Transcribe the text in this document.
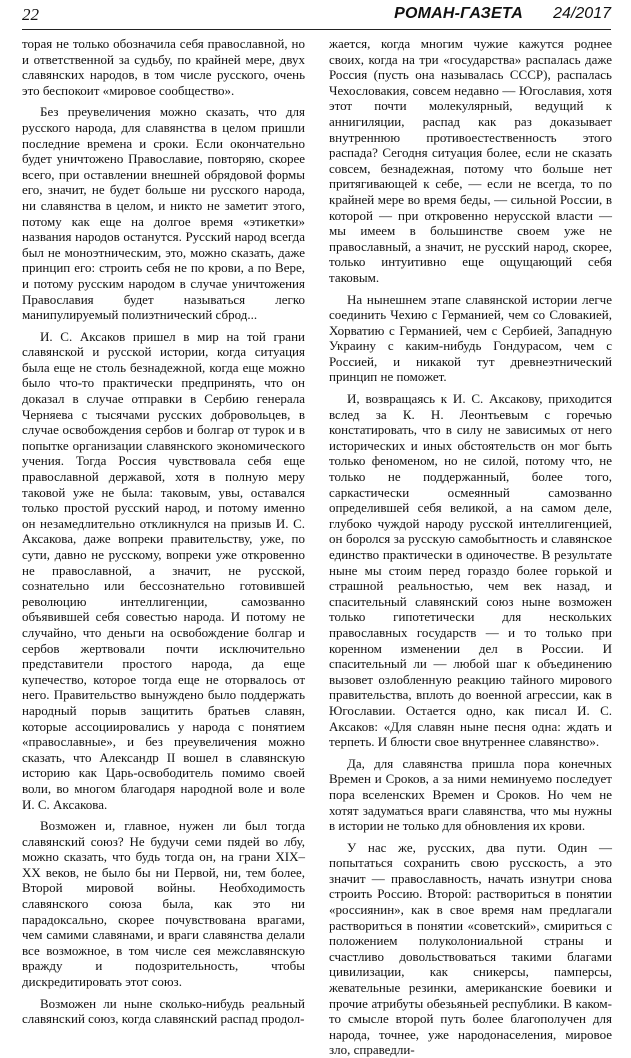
22	РОМАН-ГАЗЕТА 24/2017

торая не только обозначила себя православной, но и ответственной за судьбу, по крайней мере, двух славянских народов, в том числе русского, очень это беспокоит «мировое сообщество».

Без преувеличения можно сказать, что для русского народа, для славянства в целом пришли последние времена и сроки. Если окончательно будет уничтожено Православие, повторяю, скорее всего, при оставлении внешней обрядовой формы его, значит, не будет больше ни русского народа, ни славянства в целом, и никто не заметит этого, потому как еще на долгое время «этикетки» названия народов останутся. Русский народ всегда был не моноэтническим, это, можно сказать, даже принцип его: строить себя не по крови, а по Вере, и потому русским народом в случае уничтожения Православия будет называться легко манипулируемый полиэтнический сброд...

И. С. Аксаков пришел в мир на той грани славянской и русской истории, когда ситуация была еще не столь безнадежной, когда еще можно было что-то практически предпринять, что он доказал в случае отправки в Сербию генерала Черняева с тысячами русских добровольцев, в случае освобождения сербов и болгар от турок и в попытке организации славянского экономического учения. Тогда Россия чувствовала себя еще православной державой, хотя в полную меру таковой уже не была: таковым, увы, оставался только простой русский народ, и потому именно он незамедлительно откликнулся на призыв И. С. Аксакова, даже вопреки правительству, уже, по сути, давно не русскому, вопреки уже откровенно не православной, а значит, не русской, сознательно или бессознательно готовившей революцию интеллигенции, самозванно объявившей себя совестью народа. И потому не случайно, что деньги на освобождение болгар и сербов жертвовали почти исключительно представители простого народа, да еще купечество, которое тогда еще не оторвалось от него. Правительство вынуждено было поддержать народный порыв защитить братьев славян, которые ассоциировались у народа с понятием «православные», и без преувеличения можно сказать, что Александр II вошел в славянскую историю как Царь-освободитель помимо своей воли, во многом благодаря народной воле и воле И. С. Аксакова.

Возможен и, главное, нужен ли был тогда славянский союз? Не будучи семи пядей во лбу, можно сказать, что будь тогда он, на грани XIX–XX веков, не было бы ни Первой, ни, тем более, Второй мировой войны. Необходимость славянского союза была, как это ни парадоксально, скорее почувствована врагами, чем самими славянами, и враги славянства делали все возможное, в том числе сея межславянскую вражду и подозрительность, чтобы дискредитировать этот союз.

Возможен ли ныне сколько-нибудь реальный славянский союз, когда славянский распад продол-

жается, когда многим чужие кажутся роднее своих, когда на три «государства» распалась даже Россия (пусть она называлась СССР), распалась Чехословакия, совсем недавно — Югославия, хотя этот почти молекулярный, ведущий к аннигиляции, распад как раз доказывает внутреннюю противоестественность этого распада? Сегодня ситуация более, если не сказать совсем, безнадежная, потому что больше нет притягивающей к себе, — если не всегда, то по крайней мере во время беды, — сильной России, в которой — при откровенно нерусской власти — мы имеем в большинстве своем уже не православный, а значит, не русский народ, скорее, только интуитивно еще ощущающий себя таковым.

На нынешнем этапе славянской истории легче соединить Чехию с Германией, чем со Словакией, Хорватию с Германией, чем с Сербией, Западную Украину с каким-нибудь Гондурасом, чем с Россией, и никакой тут древнеэтнический принцип не поможет.

И, возвращаясь к И. С. Аксакову, приходится вслед за К. Н. Леонтьевым с горечью констатировать, что в силу не зависимых от него исторических и иных обстоятельств он мог быть только феноменом, но не силой, потому что, не только не поддержанный, более того, саркастически осмеянный самозванно определившей себя великой, а на самом деле, глубоко чуждой народу русской интеллигенцией, он боролся за русскую самобытность и славянское единство практически в одиночестве. В результате ныне мы стоим перед гораздо более горькой и страшной реальностью, чем век назад, и спасительный славянский союз ныне возможен только гипотетически для нескольких православных государств — и то только при коренном изменении дел в России. И спасительный ли — любой шаг к объединению вызовет озлобленную реакцию тайного мирового правительства, вплоть до военной агрессии, как в Югославии. Остается одно, как писал И. С. Аксаков: «Для славян ныне песня одна: ждать и терпеть. И блюсти свое внутреннее славянство».

Да, для славянства пришла пора конечных Времен и Сроков, а за ними неминуемо последует пора вселенских Времен и Сроков. Но чем не хотят задуматься враги славянства, что мы нужны в истории не только для обновления их крови.

У нас же, русских, два пути. Один — попытаться сохранить свою русскость, а это значит — православность, начать изнутри снова строить Россию. Второй: раствориться в понятии «россиянин», как в свое время нам предлагали раствориться в понятии «советский», смириться с положением полуколониальной страны и счастливо довольствоваться такими благами цивилизации, как сникерсы, памперсы, жевательные резинки, американские боевики и прочие атрибуты обезьяньей республики. В каком-то смысле второй путь более благополучен для народа, точнее, уже народонаселения, мировое зло, справедли-
